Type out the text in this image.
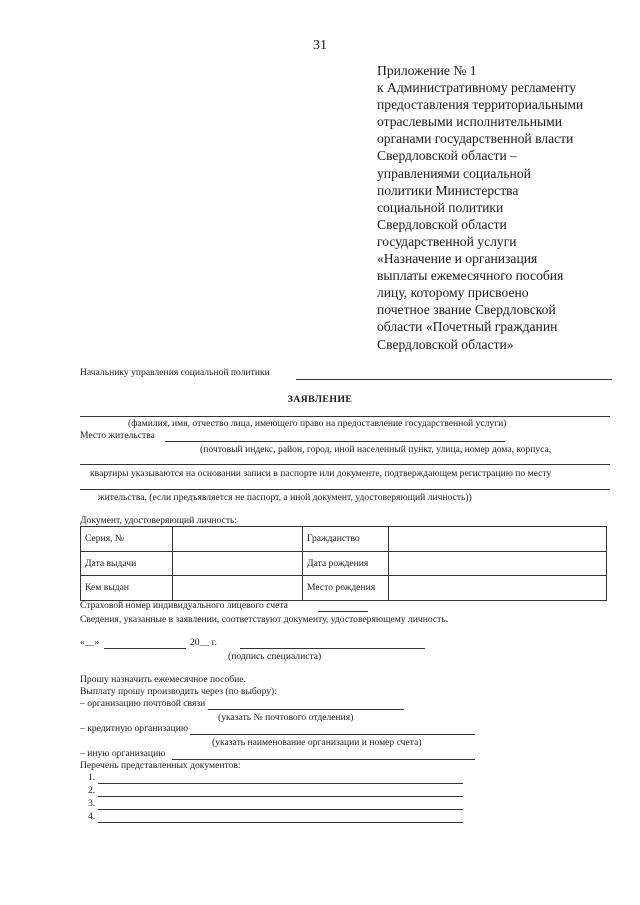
31
Приложение № 1
к Административному регламенту
предоставления территориальными
отраслевыми исполнительными
органами государственной власти
Свердловской области –
управлениями социальной
политики Министерства
социальной политики
Свердловской области
государственной услуги
«Назначение и организация
выплаты ежемесячного пособия
лицу, которому присвоено
почетное звание Свердловской
области «Почетный гражданин
Свердловской области»
Начальнику управления социальной политики
ЗАЯВЛЕНИЕ
(фамилия, имя, отчество лица, имеющего право на предоставление государственной услуги)
Место жительства
(почтовый индекс, район, город, иной населенный пункт, улица, номер дома, корпуса,
квартиры указываются на основании записи в паспорте или документе, подтверждающем регистрацию по месту
жительства, (если предъявляется не паспорт, а иной документ, удостоверяющий личность))
Документ, удостоверяющий личность:
Серия, №		Гражданство	
Дата выдачи		Дата рождения	
Кем выдан		Место рождения	
Страховой номер индивидуального лицевого счета
Сведения, указанные в заявлении, соответствуют документу, удостоверяющему личность.
«__»	20__ г.
(подпись специалиста)
Прошу назначить ежемесячное пособие.
Выплату прошу производить через (по выбору):
– организацию почтовой связи
(указать № почтового отделения)
– кредитную организацию
(указать наименование организации и номер счета)
– иную организацию
Перечень представленных документов:
1.
2.
3.
4.
